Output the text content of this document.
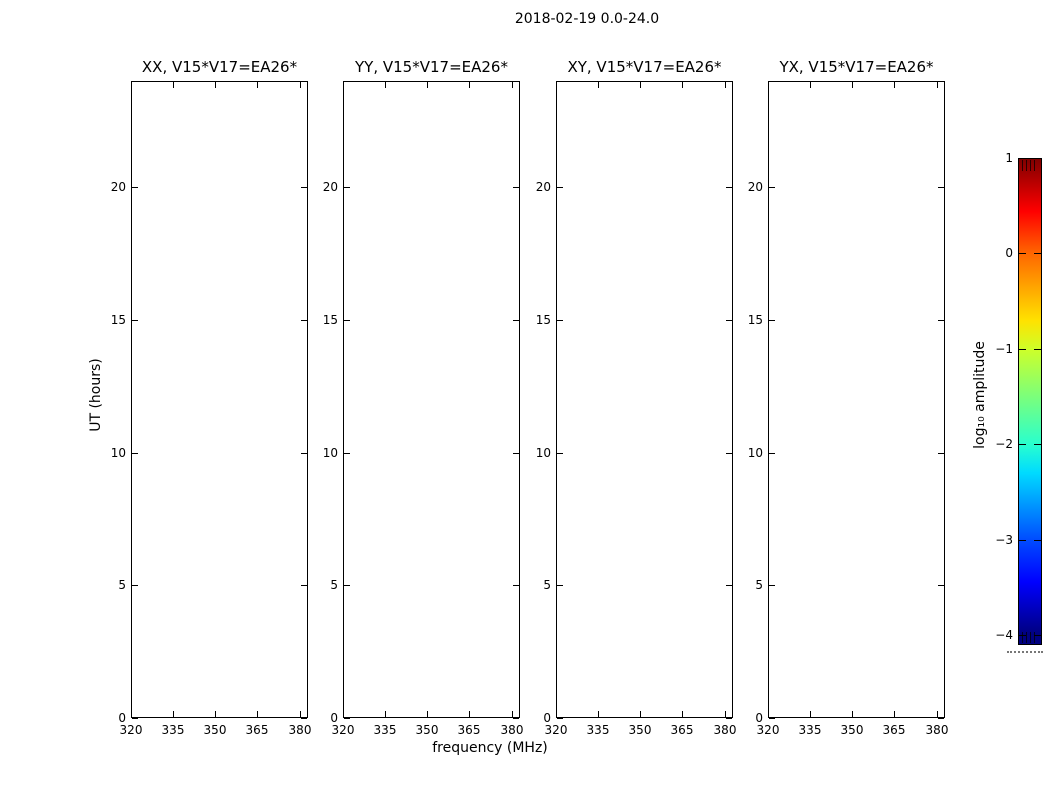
2018-02-19 0.0-24.0
UT (hours)
frequency (MHz)
XX, V15*V17=EA26*
320	335	350	365	380
0
5
10
15
20
YY, V15*V17=EA26*
320	335	350	365	380
0
5
10
15
20
XY, V15*V17=EA26*
320	335	350	365	380
0
5
10
15
20
YX, V15*V17=EA26*
320	335	350	365	380
0
5
10
15
20
1
0
−1
−2
−3
−4
log₁₀ amplitude
